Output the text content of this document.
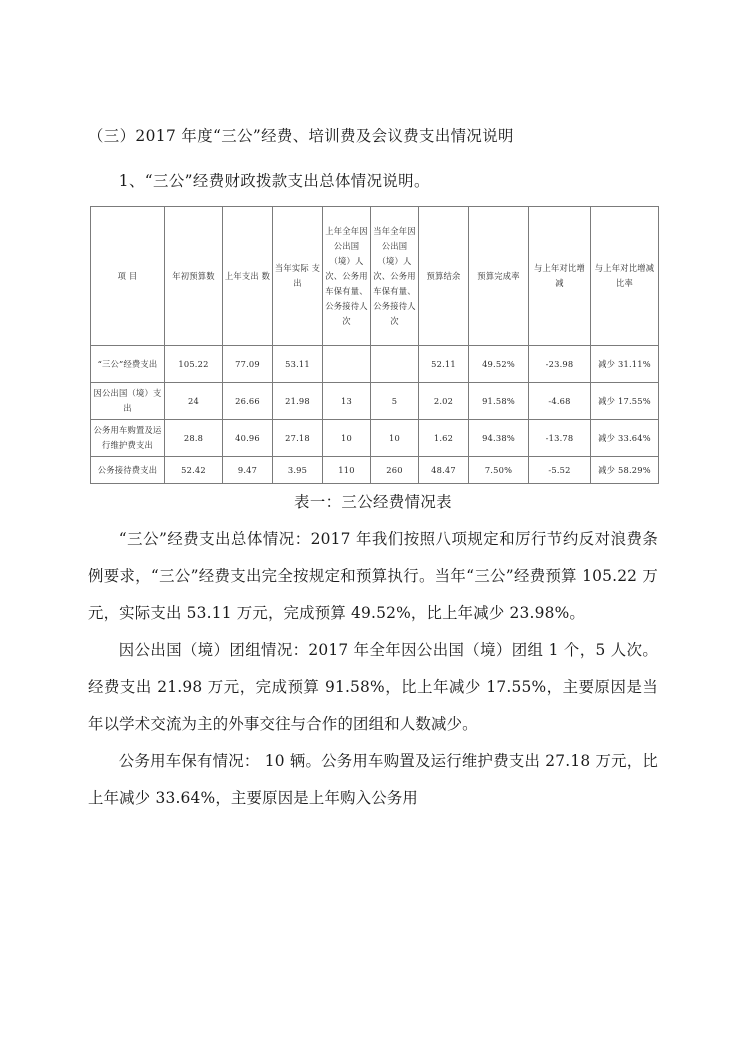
（三）2017 年度“三公”经费、培训费及会议费支出情况说明

1、“三公”经费财政拨款支出总体情况说明。

项 目	年初预算数	上年支出 数	当年实际 支出	上年全年因公出国（境）人次、公务用车保有量、公务接待人次	当年全年因公出国（境）人次、公务用车保有量、公务接待人次	预算结余	预算完成率	与上年对比增减	与上年对比增减比率

“三公”经费支出	105.22	77.09	53.11			52.11	49.52%	-23.98	减少 31.11%
因公出国（境）支出	24	26.66	21.98	13	5	2.02	91.58%	-4.68	减少 17.55%
公务用车购置及运行维护费支出	28.8	40.96	27.18	10	10	1.62	94.38%	-13.78	减少 33.64%
公务接待费支出	52.42	9.47	3.95	110	260	48.47	7.50%	-5.52	减少 58.29%

表一：三公经费情况表

“三公”经费支出总体情况：2017 年我们按照八项规定和厉行节约反对浪费条例要求，“三公”经费支出完全按规定和预算执行。当年“三公”经费预算 105.22 万元，实际支出 53.11 万元，完成预算 49.52%，比上年减少 23.98%。

因公出国（境）团组情况：2017 年全年因公出国（境）团组 1 个，5 人次。经费支出 21.98 万元，完成预算 91.58%，比上年减少 17.55%，主要原因是当年以学术交流为主的外事交往与合作的团组和人数减少。

公务用车保有情况： 10 辆。公务用车购置及运行维护费支出 27.18 万元，比上年减少 33.64%，主要原因是上年购入公务用
